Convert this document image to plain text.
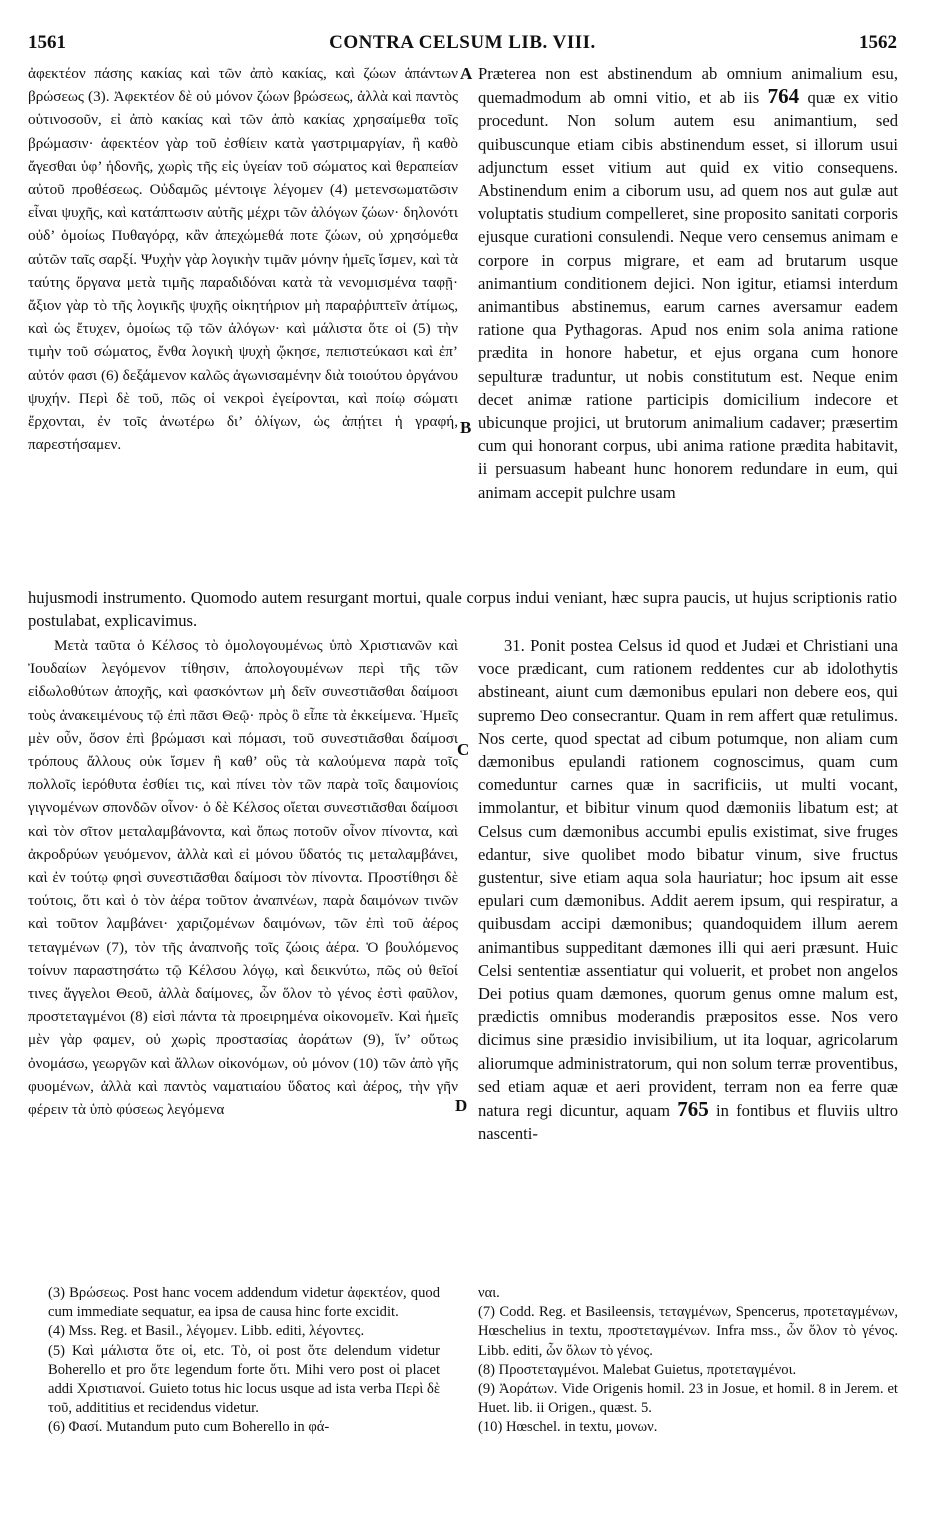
1561	CONTRA CELSUM LIB. VIII.	1562

ἀφεκτέον πάσης κακίας καὶ τῶν ἀπὸ κακίας, καὶ ζώων ἁπάντων βρώσεως (3). Ἀφεκτέον δὲ οὐ μόνον ζώων βρώσεως, ἀλλὰ καὶ παντὸς οὑτινοσοῦν, εἰ ἀπὸ κακίας καὶ τῶν ἀπὸ κακίας χρησαίμεθα τοῖς βρώμασιν· ἀφεκτέον γὰρ τοῦ ἐσθίειν κατὰ γαστριμαργίαν, ἢ καθὸ ἄγεσθαι ὑφ’ ἡδονῆς, χωρὶς τῆς εἰς ὑγείαν τοῦ σώματος καὶ θεραπείαν αὐτοῦ προθέσεως. Οὐδαμῶς μέντοιγε λέγομεν (4) μετενσωματῶσιν εἶναι ψυχῆς, καὶ κατάπτωσιν αὐτῆς μέχρι τῶν ἀλόγων ζώων· δηλονότι οὐδ’ ὁμοίως Πυθαγόρᾳ, κἂν ἀπεχώμεθά ποτε ζώων, οὐ χρησόμεθα αὐτῶν ταῖς σαρξί. Ψυχὴν γὰρ λογικὴν τιμᾶν μόνην ἡμεῖς ἴσμεν, καὶ τὰ ταύτης ὄργανα μετὰ τιμῆς παραδιδόναι κατὰ τὰ νενομισμένα ταφῇ· ἄξιον γὰρ τὸ τῆς λογικῆς ψυχῆς οἰκητήριον μὴ παραῤῥιπτεῖν ἀτίμως, καὶ ὡς ἔτυχεν, ὁμοίως τῷ τῶν ἀλόγων· καὶ μάλιστα ὅτε οἱ (5) τὴν τιμὴν τοῦ σώματος, ἔνθα λογικὴ ψυχὴ ᾤκησε, πεπιστεύκασι καὶ ἐπ’ αὐτόν φασι (6) δεξάμενον καλῶς ἀγωνισαμένην διὰ τοιούτου ὀργάνου ψυχήν. Περὶ δὲ τοῦ, πῶς οἱ νεκροὶ ἐγείρονται, καὶ ποίῳ σώματι ἔρχονται, ἐν τοῖς ἀνωτέρω δι’ ὀλίγων, ὡς ἀπῄτει ἡ γραφή, παρεστήσαμεν.

Præterea non est abstinendum ab omnium animalium esu, quemadmodum ab omni vitio, et ab iis 764 quæ ex vitio procedunt. Non solum autem esu animantium, sed quibuscunque etiam cibis abstinendum esset, si illorum usui adjunctum esset vitium aut quid ex vitio consequens. Abstinendum enim a ciborum usu, ad quem nos aut gulæ aut voluptatis studium compelleret, sine proposito sanitati corporis ejusque curationi consulendi. Neque vero censemus animam e corpore in corpus migrare, et eam ad brutarum usque animantium conditionem dejici. Non igitur, etiamsi interdum animantibus abstinemus, earum carnes aversamur eadem ratione qua Pythagoras. Apud nos enim sola anima ratione prædita in honore habetur, et ejus organa cum honore sepulturæ traduntur, ut nobis constitutum est. Neque enim decet animæ ratione participis domicilium indecore et ubicunque projici, ut brutorum animalium cadaver; præsertim cum qui honorant corpus, ubi anima ratione prædita habitavit, ii persuasum habeant hunc honorem redundare in eum, qui animam accepit pulchre usam

A
B
C
D
hujusmodi instrumento. Quomodo autem resurgant mortui, quale corpus indui veniant, hæc supra paucis, ut hujus scriptionis ratio postulabat, explicavimus.

Μετὰ ταῦτα ὁ Κέλσος τὸ ὁμολογουμένως ὑπὸ Χριστιανῶν καὶ Ἰουδαίων λεγόμενον τίθησιν, ἀπολογουμένων περὶ τῆς τῶν εἰδωλοθύτων ἀποχῆς, καὶ φασκόντων μὴ δεῖν συνεστιᾶσθαι δαίμοσι τοὺς ἀνακειμένους τῷ ἐπὶ πᾶσι Θεῷ· πρὸς ὃ εἶπε τὰ ἐκκείμενα. Ἡμεῖς μὲν οὖν, ὅσον ἐπὶ βρώμασι καὶ πόμασι, τοῦ συνεστιᾶσθαι δαίμοσι τρόπους ἄλλους οὐκ ἴσμεν ἢ καθ’ οὓς τὰ καλούμενα παρὰ τοῖς πολλοῖς ἱερόθυτα ἐσθίει τις, καὶ πίνει τὸν τῶν παρὰ τοῖς δαιμονίοις γιγνομένων σπονδῶν οἶνον· ὁ δὲ Κέλσος οἴεται συνεστιᾶσθαι δαίμοσι καὶ τὸν σῖτον μεταλαμβάνοντα, καὶ ὅπως ποτοῦν οἶνον πίνοντα, καὶ ἀκροδρύων γευόμενον, ἀλλὰ καὶ εἰ μόνου ὕδατός τις μεταλαμβάνει, καὶ ἐν τούτῳ φησὶ συνεστιᾶσθαι δαίμοσι τὸν πίνοντα. Προστίθησι δὲ τούτοις, ὅτι καὶ ὁ τὸν ἀέρα τοῦτον ἀναπνέων, παρὰ δαιμόνων τινῶν καὶ τοῦτον λαμβάνει· χαριζομένων δαιμόνων, τῶν ἐπὶ τοῦ ἀέρος τεταγμένων (7), τὸν τῆς ἀναπνοῆς τοῖς ζώοις ἀέρα. Ὁ βουλόμενος τοίνυν παραστησάτω τῷ Κέλσου λόγῳ, καὶ δεικνύτω, πῶς οὐ θεῖοί τινες ἄγγελοι Θεοῦ, ἀλλὰ δαίμονες, ὧν ὅλον τὸ γένος ἐστὶ φαῦλον, προστεταγμένοι (8) εἰσὶ πάντα τὰ προειρημένα οἰκονομεῖν. Καὶ ἡμεῖς μὲν γὰρ φαμεν, οὐ χωρὶς προστασίας ἀοράτων (9), ἵν’ οὕτως ὀνομάσω, γεωργῶν καὶ ἄλλων οἰκονόμων, οὐ μόνον (10) τῶν ἀπὸ γῆς φυομένων, ἀλλὰ καὶ παντὸς ναματιαίου ὕδατος καὶ ἀέρος, τὴν γῆν φέρειν τὰ ὑπὸ φύσεως λεγόμενα

31. Ponit postea Celsus id quod et Judæi et Christiani una voce prædicant, cum rationem reddentes cur ab idolothytis abstineant, aiunt cum dæmonibus epulari non debere eos, qui supremo Deo consecrantur. Quam in rem affert quæ retulimus. Nos certe, quod spectat ad cibum potumque, non aliam cum dæmonibus epulandi rationem cognoscimus, quam cum comeduntur carnes quæ in sacrificiis, ut multi vocant, immolantur, et bibitur vinum quod dæmoniis libatum est; at Celsus cum dæmonibus accumbi epulis existimat, sive fruges edantur, sive quolibet modo bibatur vinum, sive fructus gustentur, sive etiam aqua sola hauriatur; hoc ipsum ait esse epulari cum dæmonibus. Addit aerem ipsum, qui respiratur, a quibusdam accipi dæmonibus; quandoquidem illum aerem animantibus suppeditant dæmones illi qui aeri præsunt. Huic Celsi sententiæ assentiatur qui voluerit, et probet non angelos Dei potius quam dæmones, quorum genus omne malum est, prædictis omnibus moderandis præpositos esse. Nos vero dicimus sine præsidio invisibilium, ut ita loquar, agricolarum aliorumque administratorum, qui non solum terræ proventibus, sed etiam aquæ et aeri provident, terram non ea ferre quæ natura regi dicuntur, aquam 765 in fontibus et fluviis ultro nascenti-

(3) Βρώσεως. Post hanc vocem addendum videtur ἀφεκτέον, quod cum immediate sequatur, ea ipsa de causa hinc forte excidit.

(4) Mss. Reg. et Basil., λέγομεν. Libb. editi, λέγοντες.

(5) Καὶ μάλιστα ὅτε οἱ, etc. Τὸ, οἱ post ὅτε delendum videtur Boherello et pro ὅτε legendum forte ὅτι. Mihi vero post οἱ placet addi Χριστιανοί. Guieto totus hic locus usque ad ista verba Περὶ δὲ τοῦ, addititius et recidendus videtur.

(6) Φασί. Mutandum puto cum Boherello in φά-

ναι.

(7) Codd. Reg. et Basileensis, τεταγμένων, Spencerus, προτεταγμένων, Hœschelius in textu, προστεταγμένων. Infra mss., ὧν ὅλον τὸ γένος. Libb. editi, ὧν ὅλων τὸ γένος.

(8) Προστεταγμένοι. Malebat Guietus, προτεταγμένοι.

(9) Ἀοράτων. Vide Origenis homil. 23 in Josue, et homil. 8 in Jerem. et Huet. lib. ii Origen., quæst. 5.

(10) Hœschel. in textu, μονων.
